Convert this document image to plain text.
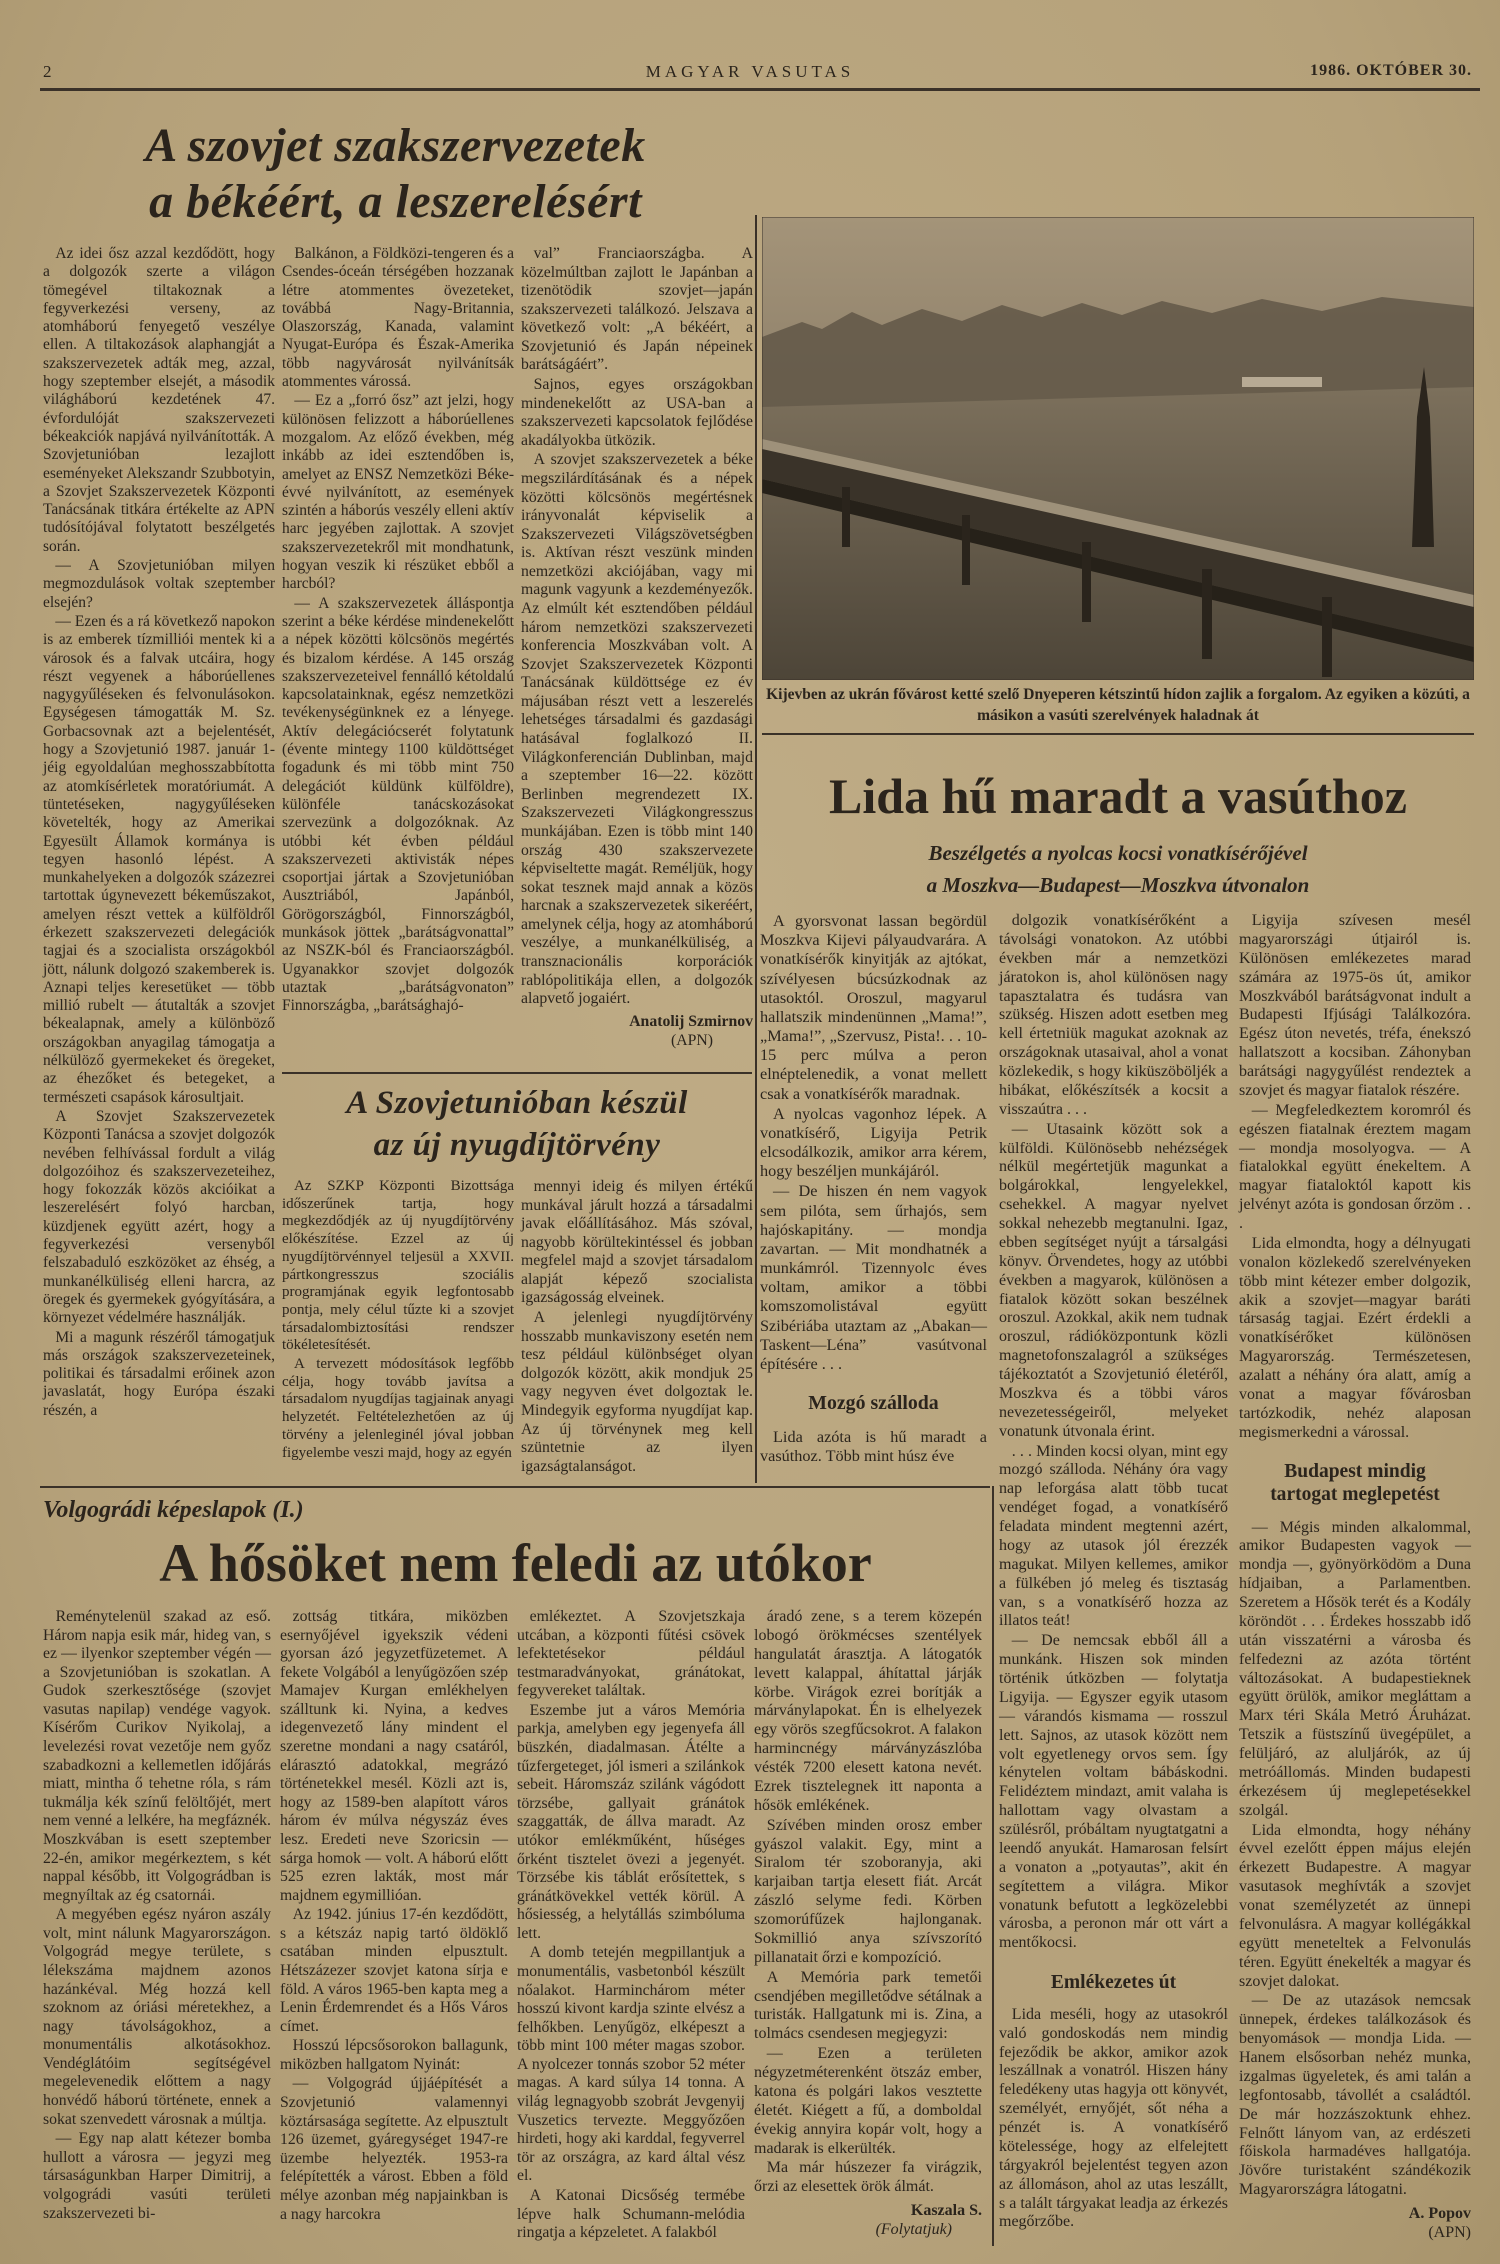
2	MAGYAR VASUTAS	1986. OKTÓBER 30.
A szovjet szakszervezetek
a békéért, a leszerelésért

Az idei ősz azzal kezdődött, hogy a dolgozók szerte a világon tömegével tiltakoznak a fegyverkezési verseny, az atomháború fenyegető veszélye ellen. A tiltakozások alaphangját a szakszervezetek adták meg, azzal, hogy szeptember elsejét, a második világháború kezdetének 47. évfordulóját szakszervezeti békeakciók napjává nyilvánították. A Szovjetunióban lezajlott eseményeket Alekszandr Szubbotyin, a Szovjet Szakszervezetek Központi Tanácsának titkára értékelte az APN tudósítójával folytatott beszélgetés során.

— A Szovjetunióban milyen megmozdulások voltak szeptember elsején?

— Ezen és a rá következő napokon is az emberek tízmilliói mentek ki a városok és a falvak utcáira, hogy részt vegyenek a háborúellenes nagygyűléseken és felvonulásokon. Egységesen támogatták M. Sz. Gorbacsovnak azt a bejelentését, hogy a Szovjetunió 1987. január 1-jéig egyoldalúan meghosszabbította az atomkísérletek moratóriumát. A tüntetéseken, nagygyűléseken követelték, hogy az Amerikai Egyesült Államok kormánya is tegyen hasonló lépést. A munkahelyeken a dolgozók százezrei tartottak úgynevezett békeműszakot, amelyen részt vettek a külföldről érkezett szakszervezeti delegációk tagjai és a szocialista országokból jött, nálunk dolgozó szakemberek is. Aznapi teljes keresetüket — több millió rubelt — átutalták a szovjet békealapnak, amely a különböző országokban anyagilag támogatja a nélkülöző gyermekeket és öregeket, az éhezőket és betegeket, a természeti csapások károsultjait.

A Szovjet Szakszervezetek Központi Tanácsa a szovjet dolgozók nevében felhívással fordult a világ dolgozóihoz és szakszervezeteihez, hogy fokozzák közös akcióikat a leszerelésért folyó harcban, küzdjenek együtt azért, hogy a fegyverkezési versenyből felszabaduló eszközöket az éhség, a munkanélküliség elleni harcra, az öregek és gyermekek gyógyítására, a környezet védelmére használják.

Mi a magunk részéről támogatjuk más országok szakszervezeteinek, politikai és társadalmi erőinek azon javaslatát, hogy Európa északi részén, a

Balkánon, a Földközi-tengeren és a Csendes-óceán térségében hozzanak létre atommentes övezeteket, továbbá Nagy-Britannia, Olaszország, Kanada, valamint Nyugat-Európa és Észak-Amerika több nagyvárosát nyilvánítsák atommentes várossá.

— Ez a „forró ősz” azt jelzi, hogy különösen felizzott a háborúellenes mozgalom. Az előző években, még inkább az idei esztendőben is, amelyet az ENSZ Nemzetközi Béke-évvé nyilvánított, az események szintén a háborús veszély elleni aktív harc jegyében zajlottak. A szovjet szakszervezetekről mit mondhatunk, hogyan veszik ki részüket ebből a harcból?

— A szakszervezetek álláspontja szerint a béke kérdése mindenekelőtt a népek közötti kölcsönös megértés és bizalom kérdése. A 145 ország szakszervezeteivel fennálló kétoldalú kapcsolatainknak, egész nemzetközi tevékenységünknek ez a lényege. Aktív delegációcserét folytatunk (évente mintegy 1100 küldöttséget fogadunk és mi több mint 750 delegációt küldünk külföldre), különféle tanácskozásokat szervezünk a dolgozóknak. Az utóbbi két évben például szakszervezeti aktivisták népes csoportjai jártak a Szovjetunióban Ausztriából, Japánból, Görögországból, Finnországból, munkások jöttek „barátságvonattal” az NSZK-ból és Franciaországból. Ugyanakkor szovjet dolgozók utaztak „barátságvonaton” Finnországba, „barátsághajó-

val” Franciaországba. A közelmúltban zajlott le Japánban a tizenötödik szovjet—japán szakszervezeti találkozó. Jelszava a következő volt: „A békéért, a Szovjetunió és Japán népeinek barátságáért”.

Sajnos, egyes országokban mindenekelőtt az USA-ban a szakszervezeti kapcsolatok fejlődése akadályokba ütközik.

A szovjet szakszervezetek a béke megszilárdításának és a népek közötti kölcsönös megértésnek irányvonalát képviselik a Szakszervezeti Világszövetségben is. Aktívan részt veszünk minden nemzetközi akciójában, vagy mi magunk vagyunk a kezdeményezők. Az elmúlt két esztendőben például három nemzetközi szakszervezeti konferencia Moszkvában volt. A Szovjet Szakszervezetek Központi Tanácsának küldöttsége ez év májusában részt vett a leszerelés lehetséges társadalmi és gazdasági hatásával foglalkozó II. Világkonferencián Dublinban, majd a szeptember 16—22. között Berlinben megrendezett IX. Szakszervezeti Világkongresszus munkájában. Ezen is több mint 140 ország 430 szakszervezete képviseltette magát. Reméljük, hogy sokat tesznek majd annak a közös harcnak a szakszervezetek sikeréért, amelynek célja, hogy az atomháború veszélye, a munkanélküliség, a transznacionális korporációk rablópolitikája ellen, a dolgozók alapvető jogaiért.

Anatolij Szmirnov
(APN)
Kijevben az ukrán fővárost ketté szelő Dnyeperen kétszintű hídon zajlik a forgalom. Az egyiken a közúti, a másikon a vasúti szerelvények haladnak át
Lida hű maradt a vasúthoz
Beszélgetés a nyolcas kocsi vonatkísérőjével
a Moszkva—Budapest—Moszkva útvonalon

A gyorsvonat lassan begördül Moszkva Kijevi pályaudvarára. A vonatkísérők kinyitják az ajtókat, szívélyesen búcsúzkodnak az utasoktól. Oroszul, magyarul hallatszik mindenünnen „Mama!”, „Mama!”, „Szervusz, Pista!. . . 10-15 perc múlva a peron elnéptelenedik, a vonat mellett csak a vonatkísérők maradnak.

A nyolcas vagonhoz lépek. A vonatkísérő, Ligyija Petrik elcsodálkozik, amikor arra kérem, hogy beszéljen munkájáról.

— De hiszen én nem vagyok sem pilóta, sem űrhajós, sem hajóskapitány. — mondja zavartan. — Mit mondhatnék a munkámról. Tizennyolc éves voltam, amikor a többi komszomolistával együtt Szibériába utaztam az „Abakan—Taskent—Léna” vasútvonal építésére . . .

Mozgó szálloda

Lida azóta is hű maradt a vasúthoz. Több mint húsz éve

dolgozik vonatkísérőként a távolsági vonatokon. Az utóbbi években már a nemzetközi járatokon is, ahol különösen nagy tapasztalatra és tudásra van szükség. Hiszen adott esetben meg kell értetniük magukat azoknak az országoknak utasaival, ahol a vonat közlekedik, s hogy kiküszöböljék a hibákat, előkészítsék a kocsit a visszaútra . . .

— Utasaink között sok a külföldi. Különösebb nehézségek nélkül megértetjük magunkat a bolgárokkal, lengyelekkel, csehekkel. A magyar nyelvet sokkal nehezebb megtanulni. Igaz, ebben segítséget nyújt a társalgási könyv. Örvendetes, hogy az utóbbi években a magyarok, különösen a fiatalok között sokan beszélnek oroszul. Azokkal, akik nem tudnak oroszul, rádióközpontunk közli magnetofonszalagról a szükséges tájékoztatót a Szovjetunió életéről, Moszkva és a többi város nevezetességeiről, melyeket vonatunk útvonala érint.

. . . Minden kocsi olyan, mint egy mozgó szálloda. Néhány óra vagy nap leforgása alatt több tucat vendéget fogad, a vonatkísérő feladata mindent megtenni azért, hogy az utasok jól érezzék magukat. Milyen kellemes, amikor a fülkében jó meleg és tisztaság van, s a vonatkísérő hozza az illatos teát!

— De nemcsak ebből áll a munkánk. Hiszen sok minden történik útközben — folytatja Ligyija. — Egyszer egyik utasom — várandós kismama — rosszul lett. Sajnos, az utasok között nem volt egyetlenegy orvos sem. Így kénytelen voltam bábáskodni. Felidéztem mindazt, amit valaha is hallottam vagy olvastam a szülésről, próbáltam nyugtatgatni a leendő anyukát. Hamarosan felsírt a vonaton a „potyautas”, akit én segítettem a világra. Mikor vonatunk befutott a legközelebbi városba, a peronon már ott várt a mentőkocsi.

Emlékezetes út

Lida meséli, hogy az utasokról való gondoskodás nem mindig fejeződik be akkor, amikor azok leszállnak a vonatról. Hiszen hány feledékeny utas hagyja ott könyvét, személyét, ernyőjét, sőt néha a pénzét is. A vonatkísérő kötelessége, hogy az elfelejtett tárgyakról bejelentést tegyen azon az állomáson, ahol az utas leszállt, s a talált tárgyakat leadja az érkezés megőrzőbe.

Ligyija szívesen mesél magyarországi útjairól is. Különösen emlékezetes marad számára az 1975-ös út, amikor Moszkvából barátságvonat indult a Budapesti Ifjúsági Találkozóra. Egész úton nevetés, tréfa, énekszó hallatszott a kocsiban. Záhonyban barátsági nagygyűlést rendeztek a szovjet és magyar fiatalok részére.

— Megfeledkeztem koromról és egészen fiatalnak éreztem magam — mondja mosolyogva. — A fiatalokkal együtt énekeltem. A magyar fiataloktól kapott kis jelvényt azóta is gondosan őrzöm . . .

Lida elmondta, hogy a délnyugati vonalon közlekedő szerelvényeken több mint kétezer ember dolgozik, akik a szovjet—magyar baráti társaság tagjai. Ezért érdekli a vonatkísérőket különösen Magyarország. Természetesen, azalatt a néhány óra alatt, amíg a vonat a magyar fővárosban tartózkodik, nehéz alaposan megismerkedni a várossal.

Budapest mindig tartogat meglepetést

— Mégis minden alkalommal, amikor Budapesten vagyok — mondja —, gyönyörködöm a Duna hídjaiban, a Parlamentben. Szeretem a Hősök terét és a Kodály köröndöt . . . Érdekes hosszabb idő után visszatérni a városba és felfedezni az azóta történt változásokat. A budapestieknek együtt örülök, amikor megláttam a Marx téri Skála Metró Áruházat. Tetszik a füstszínű üvegépület, a felüljáró, az aluljárók, az új metróállomás. Minden budapesti érkezésem új meglepetésekkel szolgál.

Lida elmondta, hogy néhány évvel ezelőtt éppen május elején érkezett Budapestre. A magyar vasutasok meghívták a szovjet vonat személyzetét az ünnepi felvonulásra. A magyar kollégákkal együtt meneteltek a Felvonulás téren. Együtt énekelték a magyar és szovjet dalokat.

— De az utazások nemcsak ünnepek, érdekes találkozások és benyomások — mondja Lida. — Hanem elsősorban nehéz munka, izgalmas ügyeletek, és ami talán a legfontosabb, távollét a családtól. De már hozzászoktunk ehhez. Felnőtt lányom van, az erdészeti főiskola harmadéves hallgatója. Jövőre turistaként szándékozik Magyarországra látogatni.

A. Popov
(APN)
A Szovjetunióban készül
az új nyugdíjtörvény

Az SZKP Központi Bizottsága időszerűnek tartja, hogy megkezdődjék az új nyugdíjtörvény előkészítése. Ezzel az új nyugdíjtörvénnyel teljesül a XXVII. pártkongresszus szociális programjának egyik legfontosabb pontja, mely célul tűzte ki a szovjet társadalombiztosítási rendszer tökéletesítését.

A tervezett módosítások legfőbb célja, hogy tovább javítsa a társadalom nyugdíjas tagjainak anyagi helyzetét. Feltételezhetően az új törvény a jelenleginél jóval jobban figyelembe veszi majd, hogy az egyén

mennyi ideig és milyen értékű munkával járult hozzá a társadalmi javak előállításához. Más szóval, nagyobb körültekintéssel és jobban megfelel majd a szovjet társadalom alapját képező szocialista igazságosság elveinek.

A jelenlegi nyugdíjtörvény hosszabb munkaviszony esetén nem tesz például különbséget olyan dolgozók között, akik mondjuk 25 vagy negyven évet dolgoztak le. Mindegyik egyforma nyugdíjat kap. Az új törvénynek meg kell szüntetnie az ilyen igazságtalanságot.

Volgográdi képeslapok (I.)
A hősöket nem feledi az utókor

Reménytelenül szakad az eső. Három napja esik már, hideg van, s ez — ilyenkor szeptember végén — a Szovjetunióban is szokatlan. A Gudok szerkesztősége (szovjet vasutas napilap) vendége vagyok. Kísérőm Curikov Nyikolaj, a levelezési rovat vezetője nem győz szabadkozni a kellemetlen időjárás miatt, mintha ő tehetne róla, s rám tukmálja kék színű felöltőjét, mert nem venné a lelkére, ha megfáznék. Moszkvában is esett szeptember 22-én, amikor megérkeztem, s két nappal később, itt Volgográdban is megnyíltak az ég csatornái.

A megyében egész nyáron aszály volt, mint nálunk Magyarországon. Volgográd megye területe, s lélekszáma majdnem azonos hazánkéval. Még hozzá kell szoknom az óriási méretekhez, a nagy távolságokhoz, a monumentális alkotásokhoz. Vendéglátóim segítségével megelevenedik előttem a nagy honvédő háború története, ennek a sokat szenvedett városnak a múltja.

— Egy nap alatt kétezer bomba hullott a városra — jegyzi meg társaságunkban Harper Dimitrij, a volgográdi vasúti területi szakszervezeti bi-

zottság titkára, miközben esernyőjével igyekszik védeni gyorsan ázó jegyzetfüzetemet. A fekete Volgából a lenyűgözően szép Mamajev Kurgan emlékhelyen szálltunk ki. Nyina, a kedves idegenvezető lány mindent el szeretne mondani a nagy csatáról, elárasztó adatokkal, megrázó történetekkel mesél. Közli azt is, hogy az 1589-ben alapított város három év múlva négyszáz éves lesz. Eredeti neve Szoricsin — sárga homok — volt. A háború előtt 525 ezren lakták, most már majdnem egymillióan.

Az 1942. június 17-én kezdődött, s a kétszáz napig tartó öldöklő csatában minden elpusztult. Hétszázezer szovjet katona sírja e föld. A város 1965-ben kapta meg a Lenin Érdemrendet és a Hős Város címet.

Hosszú lépcsősorokon ballagunk, miközben hallgatom Nyinát:

— Volgográd újjáépítését a Szovjetunió valamennyi köztársasága segítette. Az elpusztult 126 üzemet, gyáregységet 1947-re üzembe helyezték. 1953-ra felépítették a várost. Ebben a föld mélye azonban még napjainkban is a nagy harcokra

emlékeztet. A Szovjetszkaja utcában, a központi fűtési csövek lefektetésekor például testmaradványokat, gránátokat, fegyvereket találtak.

Eszembe jut a város Memória parkja, amelyben egy jegenyefa áll büszkén, diadalmasan. Átélte a tűzfergeteget, jól ismeri a szilánkok sebeit. Háromszáz szilánk vágódott törzsébe, gallyait gránátok szaggatták, de állva maradt. Az utókor emlékműként, hűséges őrként tisztelet övezi a jegenyét. Törzsébe kis táblát erősítettek, s gránátkövekkel vették körül. A hősiesség, a helytállás szimbóluma lett.

A domb tetején megpillantjuk a monumentális, vasbetonból készült nőalakot. Harminchárom méter hosszú kivont kardja szinte elvész a felhőkben. Lenyűgöz, elképeszt a több mint 100 méter magas szobor. A nyolcezer tonnás szobor 52 méter magas. A kard súlya 14 tonna. A világ legnagyobb szobrát Jevgenyij Vuszetics tervezte. Meggyőzően hirdeti, hogy aki karddal, fegyverrel tör az országra, az kard által vész el.

A Katonai Dicsőség termébe lépve halk Schumann-melódia ringatja a képzeletet. A falakból

áradó zene, s a terem közepén lobogó örökmécses szentélyek hangulatát árasztja. A látogatók levett kalappal, áhítattal járják körbe. Virágok ezrei borítják a márványlapokat. Én is elhelyezek egy vörös szegfűcsokrot. A falakon harmincnégy márványzászlóba vésték 7200 elesett katona nevét. Ezrek tisztelegnek itt naponta a hősök emlékének.

Szívében minden orosz ember gyászol valakit. Egy, mint a Siralom tér szoboranyja, aki karjaiban tartja elesett fiát. Arcát zászló selyme fedi. Körben szomorúfűzek hajlonganak. Sokmillió anya szívszorító pillanatait őrzi e kompozíció.

A Memória park temetői csendjében megilletődve sétálnak a turisták. Hallgatunk mi is. Zina, a tolmács csendesen megjegyzi:

— Ezen a területen négyzetméterenként ötszáz ember, katona és polgári lakos vesztette életét. Kiégett a fű, a domboldal évekig annyira kopár volt, hogy a madarak is elkerülték.

Ma már húszezer fa virágzik, őrzi az elesettek örök álmát.

Kaszala S.
(Folytatjuk)
